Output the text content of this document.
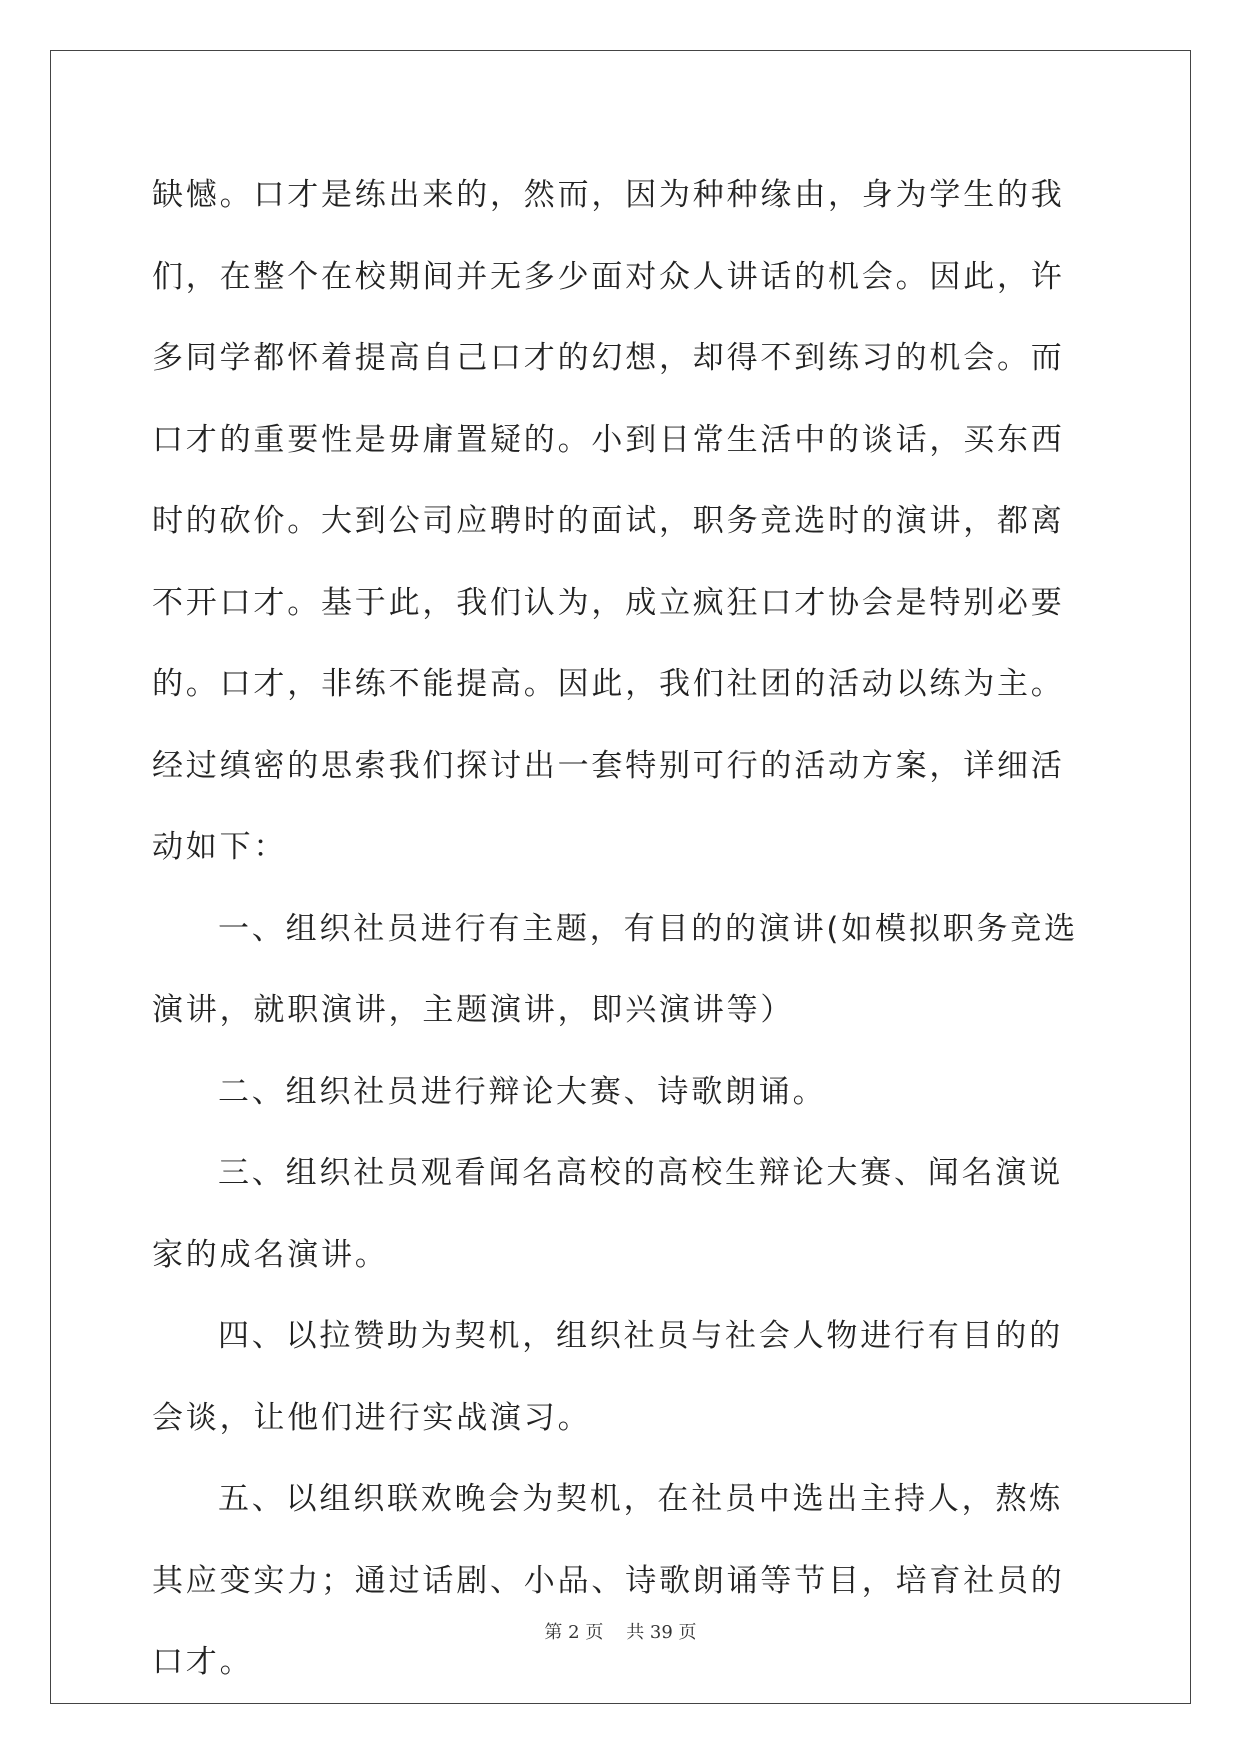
缺憾。口才是练出来的，然而，因为种种缘由，身为学生的我们，在整个在校期间并无多少面对众人讲话的机会。因此，许多同学都怀着提高自己口才的幻想，却得不到练习的机会。而口才的重要性是毋庸置疑的。小到日常生活中的谈话，买东西时的砍价。大到公司应聘时的面试，职务竞选时的演讲，都离不开口才。基于此，我们认为，成立疯狂口才协会是特别必要的。口才，非练不能提高。因此，我们社团的活动以练为主。经过缜密的思索我们探讨出一套特别可行的活动方案，详细活动如下：

一、组织社员进行有主题，有目的的演讲(如模拟职务竞选演讲，就职演讲，主题演讲，即兴演讲等）

二、组织社员进行辩论大赛、诗歌朗诵。

三、组织社员观看闻名高校的高校生辩论大赛、闻名演说家的成名演讲。

四、以拉赞助为契机，组织社员与社会人物进行有目的的会谈，让他们进行实战演习。

五、以组织联欢晚会为契机，在社员中选出主持人，熬炼其应变实力；通过话剧、小品、诗歌朗诵等节目，培育社员的口才。

第 2 页    共 39 页
